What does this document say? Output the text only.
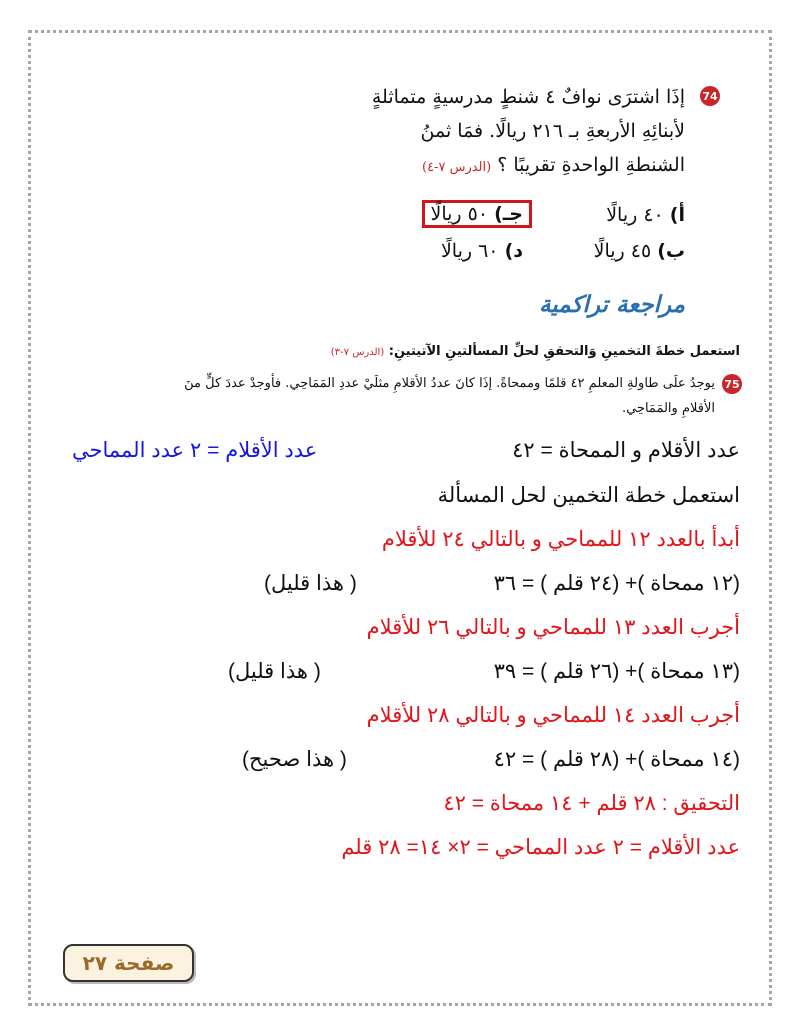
74
إذَا اشترَى نوافٌ ٤ شنطٍ مدرسيةٍ متماثلةٍ
لأبنائِهِ الأربعةِ بـ ٢١٦ ريالًا. فمَا ثمنُ
الشنطةِ الواحدةِ تقريبًا ؟ (الدرس ٧-٤)
أ) ٤٠ ريالًا
جـ) ٥٠ ريالًا
ب) ٤٥ ريالًا
د) ٦٠ ريالًا
مراجعة تراكمية
استعمل خطةَ التخمينِ وَالتحققِ لحلِّ المسألتينِ الآتيتينِ: (الدرس ٧-٣)
75
يوجدُ علَى طاولةِ المعلمِ ٤٢ قلمًا وممحاةً. إذَا كانَ عددُ الأقلامِ مثلَيْ عددِ المَمَاحِي. فأوجدْ عددَ كلٍّ منَ
الأقلامِ والمَمَاحِي.
عدد الأقلام و الممحاة = ٤٢
عدد الأقلام = ٢ عدد المماحي
استعمل خطة التخمين لحل المسألة
أبدأ بالعدد ١٢ للمماحي و بالتالي ٢٤ للأقلام
(١٢ ممحاة )+ (٢٤ قلم ) = ٣٦
( هذا قليل)
أجرب العدد ١٣ للمماحي و بالتالي ٢٦ للأقلام
(١٣ ممحاة )+ (٢٦ قلم ) = ٣٩
( هذا قليل)
أجرب العدد ١٤ للمماحي و بالتالي ٢٨ للأقلام
(١٤ ممحاة )+ (٢٨ قلم ) = ٤٢
( هذا صحيح)
التحقيق : ٢٨ قلم + ١٤ ممحاة = ٤٢
عدد الأقلام = ٢ عدد المماحي = ٢× ١٤= ٢٨ قلم
صفحة ٢٧
